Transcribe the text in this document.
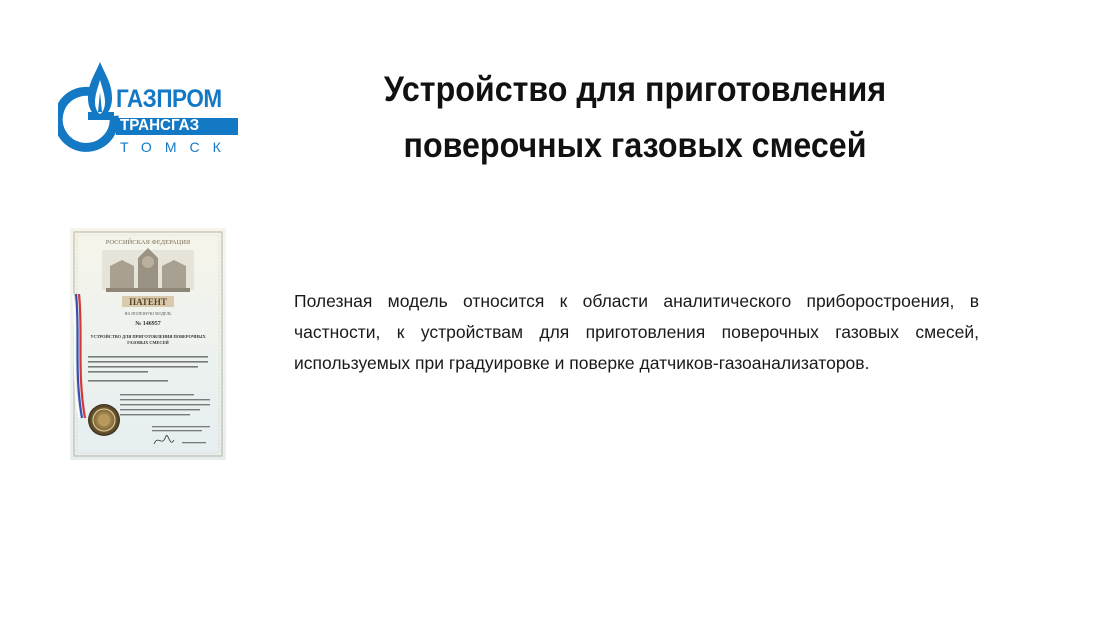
ГАЗПРОМ
ТРАНСГАЗ
ТОМСК
Устройство для приготовления поверочных газовых смесей
РОССИЙСКАЯ ФЕДЕРАЦИЯ
ПАТЕНТ
НА ПОЛЕЗНУЮ МОДЕЛЬ
№ 146957
УСТРОЙСТВО ДЛЯ ПРИГОТОВЛЕНИЯ ПОВЕРОЧНЫХ
ГАЗОВЫХ СМЕСЕЙ

Полезная модель относится к области аналитического приборостроения, в частности, к устройствам для приготовления поверочных газовых смесей, используемых при градуировке и поверке датчиков-газоанализаторов.
